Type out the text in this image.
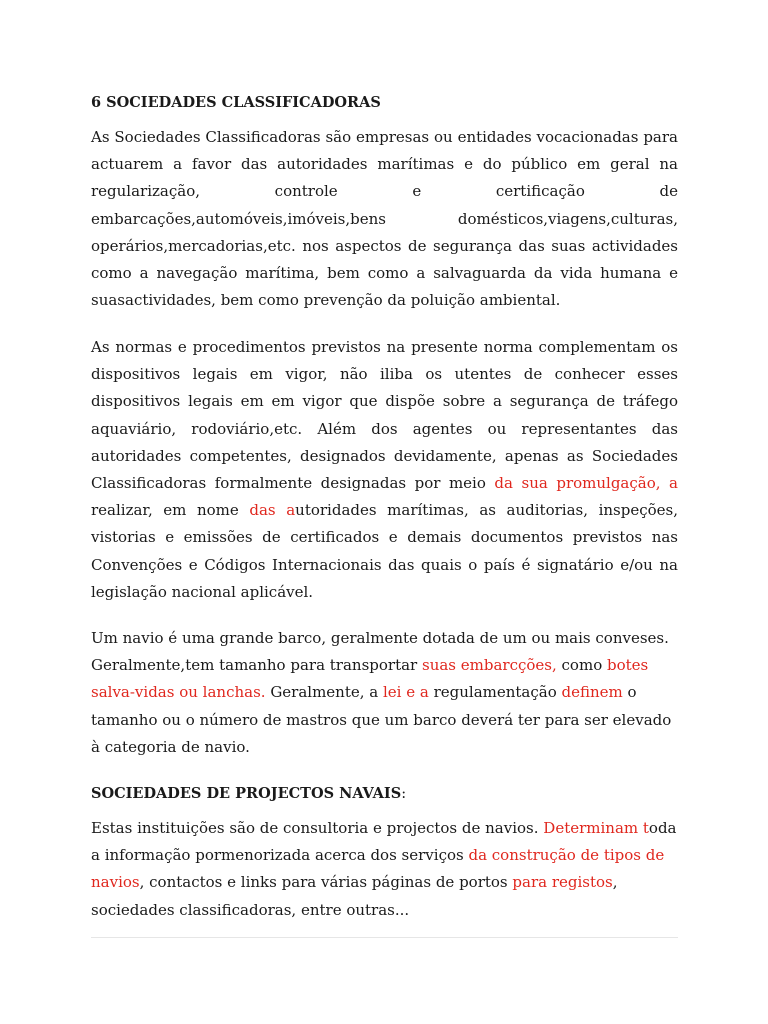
6 SOCIEDADES CLASSIFICADORAS

As Sociedades Classificadoras são empresas ou entidades vocacionadas para actuarem a favor das autoridades marítimas e do público em geral na regularização, controle e certificação de embarcações,automóveis,imóveis,bens domésticos,viagens,culturas, operários,mercadorias,etc. nos aspectos de segurança das suas actividades como a navegação marítima, bem como a salvaguarda da vida humana e suasactividades, bem como prevenção da poluição ambiental.

As normas e procedimentos previstos na presente norma complementam os dispositivos legais em vigor, não iliba os utentes de conhecer esses dispositivos legais em em vigor que dispõe sobre a segurança de tráfego aquaviário, rodoviário,etc. Além dos agentes ou representantes das autoridades competentes, designados devidamente, apenas as Sociedades Classificadoras formalmente designadas por meio da sua promulgação, a realizar, em nome das autoridades marítimas, as auditorias, inspeções, vistorias e emissões de certificados e demais documentos previstos nas Convenções e Códigos Internacionais das quais o país é signatário e/ou na legislação nacional aplicável.

Um navio é uma grande barco, geralmente dotada de um ou mais conveses. Geralmente,tem tamanho para transportar suas embarcções, como botes salva-vidas ou lanchas. Geralmente, a lei e a regulamentação definem o tamanho ou o número de mastros que um barco deverá ter para ser elevado à categoria de navio.

SOCIEDADES DE PROJECTOS NAVAIS:

Estas instituições são de consultoria e projectos de navios. Determinam toda a informação pormenorizada acerca dos serviços da construção de tipos de navios, contactos e links para várias páginas de portos para registos, sociedades classificadoras, entre outras...
